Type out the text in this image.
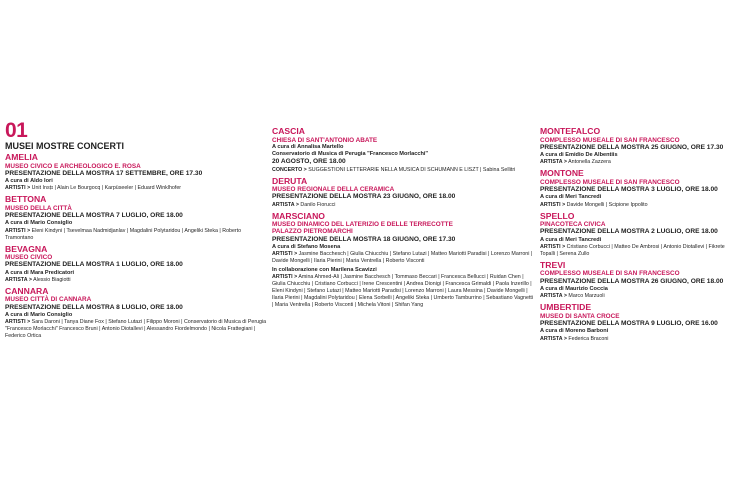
01
MUSEI MOSTRE CONCERTI
AMELIA
MUSEO CIVICO E ARCHEOLOGICO E. ROSA
PRESENTAZIONE DELLA MOSTRA 17 SETTEMBRE, ORE 17.30
A cura di Aldo Iori
ARTISTI > Unit Insṭɪ | Alain Le Bourgocq | Karpüseeler | Eduard Winklhofer
BETTONA
MUSEO DELLA CITTÀ
PRESENTAZIONE DELLA MOSTRA 7 LUGLIO, ORE 18.00
A cura di Mario Consiglio
ARTISTI > Eleni Kindyni | Tsevelmaa Nadmidjanlav | Magdalini Polytaridou | Angeliki Steka | Roberto Tramontano
BEVAGNA
MUSEO CIVICO
PRESENTAZIONE DELLA MOSTRA 1 LUGLIO, ORE 18.00
A cura di Mara Predicatori
ARTISTA > Alessio Biagiotti
CANNARA
MUSEO CITTÀ DI CANNARA
PRESENTAZIONE DELLA MOSTRA 8 LUGLIO, ORE 18.00
A cura di Mario Consiglio
ARTISTI > Sara Daroni | Tanya Diane Fox | Stefano Lutazi | Filippo Moroni | Conservatorio di Musica di Perugia "Francesco Morlacchi" Francesco Bruni | Antonio Diotallevi | Alessandro Fiordelmondo | Nicola Frattegiani | Federico Ortica
CASCIA
CHIESA DI SANT'ANTONIO ABATE
A cura di Annalisa Martello
Conservatorio di Musica di Perugia "Francesco Morlacchi"
20 AGOSTO, ORE 18.00
CONCERTO > SUGGESTIONI LETTERARIE NELLA MUSICA DI SCHUMANN E LISZT | Sabina Sellitri
DERUTA
MUSEO REGIONALE DELLA CERAMICA
PRESENTAZIONE DELLA MOSTRA 23 GIUGNO, ORE 18.00
ARTISTA > Danilo Fiorucci
MARSCIANO
MUSEO DINAMICO DEL LATERIZIO E DELLE TERRECOTTE
PALAZZO PIETROMARCHI
PRESENTAZIONE DELLA MOSTRA 18 GIUGNO, ORE 17.30
A cura di Stefano Mosena
ARTISTI > Jasmine Bacchesch | Giulia Chiucchiu | Stefano Lutazi | Matteo Mariotti Paradisi | Lorenzo Marroni | Davide Mongelli | Ilaria Pierini | Maria Ventrella | Roberto Visconti
In collaborazione con Marilena Scavizzi
ARTISTI > Amina Ahmed-Ali | Jasmine Bacchesch | Tommaso Beccari | Francesca Bellucci | Ruidan Chen | Giulia Chiucchiu | Cristiano Corbucci | Irene Crescentini | Andrea Dionigi | Francesca Grimaldi | Paola Inzerillo | Eleni Kindyni | Stefano Lutazi | Matteo Mariotti Paradisi | Lorenzo Marroni | Laura Messina | Davide Mongelli | Ilaria Pierini | Magdalini Polytaridou | Elena Sorbelli | Angeliki Steka | Umberto Tamburrino | Sebastiano Vagnetti | Maria Ventrella | Roberto Visconti | Michela Vitoni | Shifan Yang
MONTEFALCO
COMPLESSO MUSEALE DI SAN FRANCESCO
PRESENTAZIONE DELLA MOSTRA 25 GIUGNO, ORE 17.30
A cura di Emidio De Albentiis
ARTISTA > Antonella Zazzera
MONTONE
COMPLESSO MUSEALE DI SAN FRANCESCO
PRESENTAZIONE DELLA MOSTRA 3 LUGLIO, ORE 18.00
A cura di Meri Tancredi
ARTISTI > Davide Mongelli | Scipione Ippolito
SPELLO
PINACOTECA CIVICA
PRESENTAZIONE DELLA MOSTRA 2 LUGLIO, ORE 18.00
A cura di Meri Tancredi
ARTISTI > Cristiano Corbucci | Matteo De Ambrosi | Antonio Diotallevi | Fikrete Topalli | Serena Zullo
TREVI
COMPLESSO MUSEALE DI SAN FRANCESCO
PRESENTAZIONE DELLA MOSTRA 26 GIUGNO, ORE 18.00
A cura di Maurizio Coccia
ARTISTA > Marco Marzuoli
UMBERTIDE
MUSEO DI SANTA CROCE
PRESENTAZIONE DELLA MOSTRA 9 LUGLIO, ORE 16.00
A cura di Moreno Barboni
ARTISTA > Federica Braconi
